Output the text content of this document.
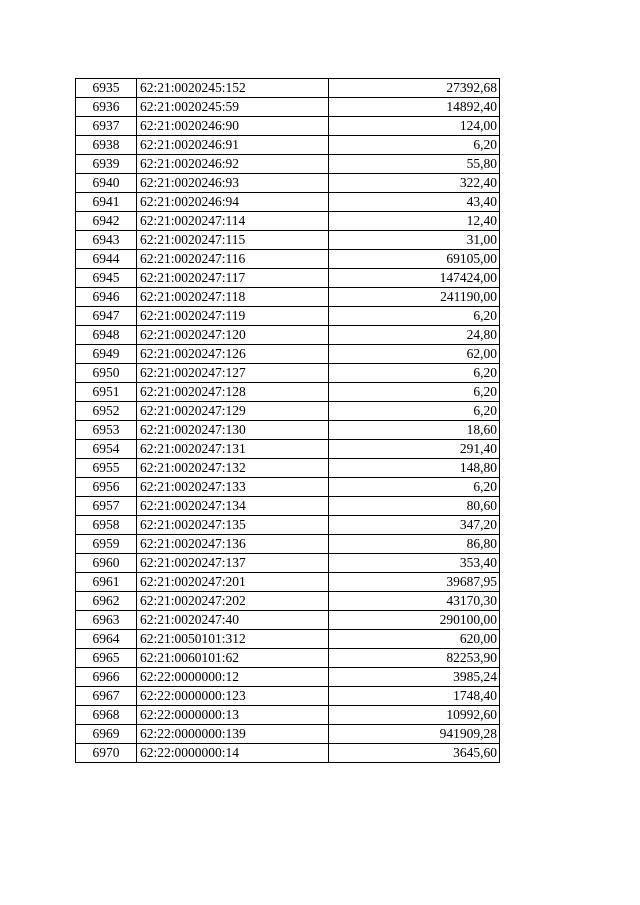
6935	62:21:0020245:152	27392,68
6936	62:21:0020245:59	14892,40
6937	62:21:0020246:90	124,00
6938	62:21:0020246:91	6,20
6939	62:21:0020246:92	55,80
6940	62:21:0020246:93	322,40
6941	62:21:0020246:94	43,40
6942	62:21:0020247:114	12,40
6943	62:21:0020247:115	31,00
6944	62:21:0020247:116	69105,00
6945	62:21:0020247:117	147424,00
6946	62:21:0020247:118	241190,00
6947	62:21:0020247:119	6,20
6948	62:21:0020247:120	24,80
6949	62:21:0020247:126	62,00
6950	62:21:0020247:127	6,20
6951	62:21:0020247:128	6,20
6952	62:21:0020247:129	6,20
6953	62:21:0020247:130	18,60
6954	62:21:0020247:131	291,40
6955	62:21:0020247:132	148,80
6956	62:21:0020247:133	6,20
6957	62:21:0020247:134	80,60
6958	62:21:0020247:135	347,20
6959	62:21:0020247:136	86,80
6960	62:21:0020247:137	353,40
6961	62:21:0020247:201	39687,95
6962	62:21:0020247:202	43170,30
6963	62:21:0020247:40	290100,00
6964	62:21:0050101:312	620,00
6965	62:21:0060101:62	82253,90
6966	62:22:0000000:12	3985,24
6967	62:22:0000000:123	1748,40
6968	62:22:0000000:13	10992,60
6969	62:22:0000000:139	941909,28
6970	62:22:0000000:14	3645,60
